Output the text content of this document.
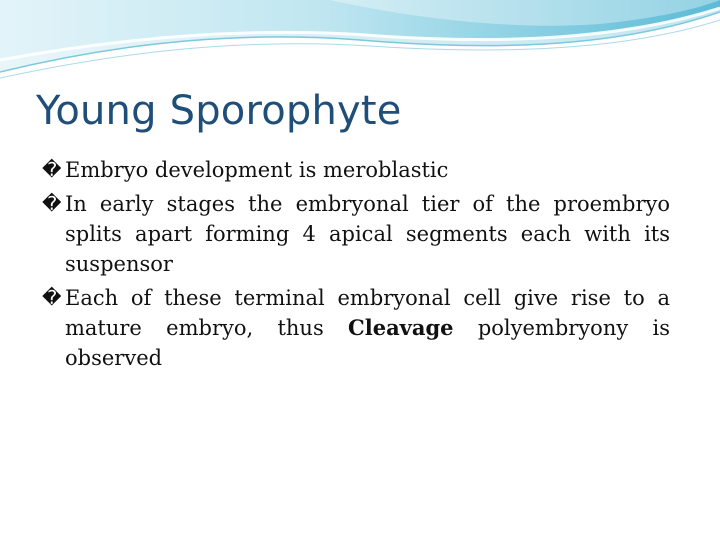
Young Sporophyte
� Embryo development is meroblastic
� In early stages the embryonal tier of the proembryo splits apart forming 4 apical segments each with its suspensor
� Each of these terminal embryonal cell give rise to a mature embryo, thus Cleavage polyembryony is observed
